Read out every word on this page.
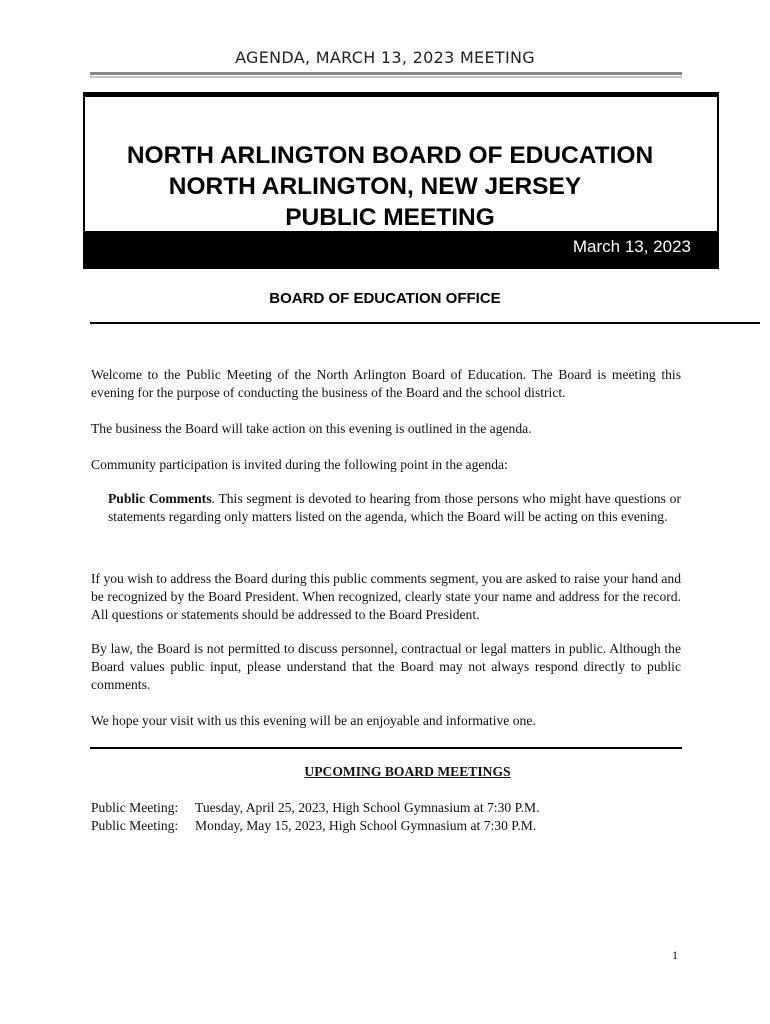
AGENDA, MARCH 13, 2023 MEETING
NORTH ARLINGTON BOARD OF EDUCATION
NORTH ARLINGTON, NEW JERSEY
PUBLIC MEETING
March 13, 2023
BOARD OF EDUCATION OFFICE
Welcome to the Public Meeting of the North Arlington Board of Education. The Board is meeting this evening for the purpose of conducting the business of the Board and the school district.
The business the Board will take action on this evening is outlined in the agenda.
Community participation is invited during the following point in the agenda:
Public Comments. This segment is devoted to hearing from those persons who might have questions or statements regarding only matters listed on the agenda, which the Board will be acting on this evening.
If you wish to address the Board during this public comments segment, you are asked to raise your hand and be recognized by the Board President. When recognized, clearly state your name and address for the record. All questions or statements should be addressed to the Board President.
By law, the Board is not permitted to discuss personnel, contractual or legal matters in public. Although the Board values public input, please understand that the Board may not always respond directly to public comments.
We hope your visit with us this evening will be an enjoyable and informative one.
UPCOMING BOARD MEETINGS
Public Meeting: Tuesday, April 25, 2023, High School Gymnasium at 7:30 P.M.
Public Meeting: Monday, May 15, 2023, High School Gymnasium at 7:30 P.M.
1
